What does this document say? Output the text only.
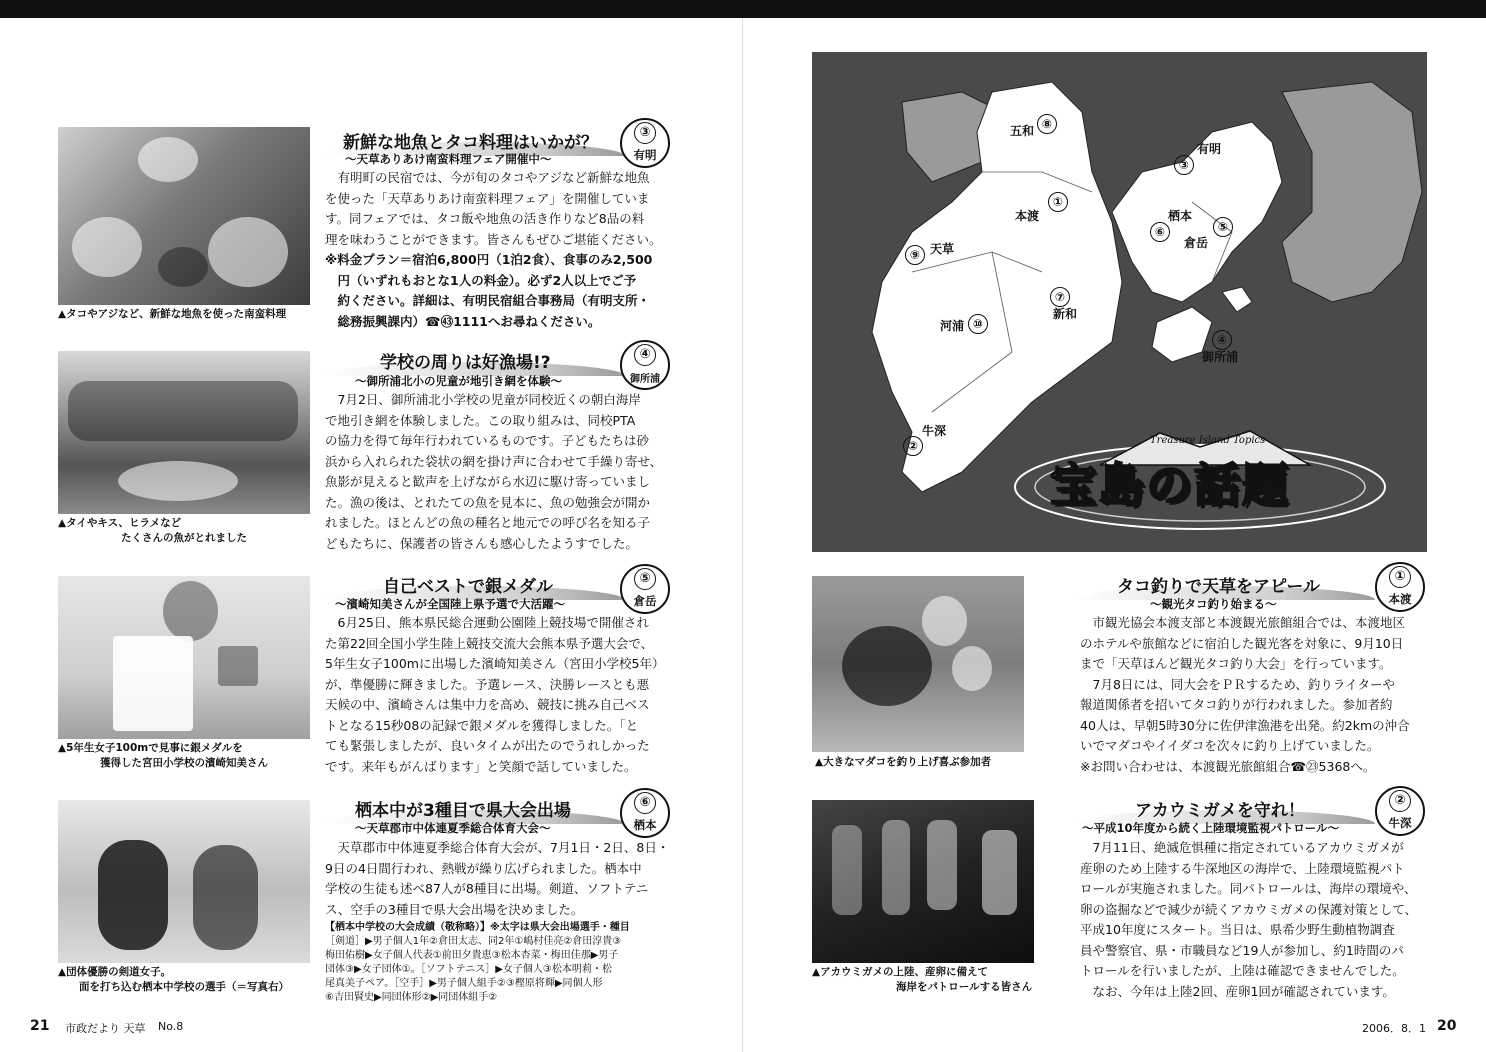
▲タコやアジなど、新鮮な地魚を使った南蛮料理
新鮮な地魚とタコ料理はいかが？
～天草ありあけ南蛮料理フェア開催中～
③
有明

有明町の民宿では、今が旬のタコやアジなど新鮮な地魚

を使った「天草ありあけ南蛮料理フェア」を開催していま

す。同フェアでは、タコ飯や地魚の活き作りなど8品の料

理を味わうことができます。皆さんもぜひご堪能ください。

※料金プラン＝宿泊6,800円（1泊2食）、食事のみ2,500

　円（いずれもおとな1人の料金）。必ず2人以上でご予

　約ください。詳細は、有明民宿組合事務局（有明支所・

　総務振興課内）☎㊸1111へお尋ねください。

▲タイやキス、ヒラメなど
　　　　　　たくさんの魚がとれました
学校の周りは好漁場!?
～御所浦北小の児童が地引き網を体験～
④
御所浦

7月2日、御所浦北小学校の児童が同校近くの朝白海岸

で地引き網を体験しました。この取り組みは、同校PTA

の協力を得て毎年行われているものです。子どもたちは砂

浜から入れられた袋状の網を掛け声に合わせて手繰り寄せ、

魚影が見えると歓声を上げながら水辺に駆け寄っていまし

た。漁の後は、とれたての魚を見本に、魚の勉強会が開か

れました。ほとんどの魚の種名と地元での呼び名を知る子

どもたちに、保護者の皆さんも感心したようすでした。

▲5年生女子100mで見事に銀メダルを
　　　　獲得した宮田小学校の濱崎知美さん
自己ベストで銀メダル
～濱崎知美さんが全国陸上県予選で大活躍～
⑤
倉岳

6月25日、熊本県民総合運動公園陸上競技場で開催され

た第22回全国小学生陸上競技交流大会熊本県予選大会で、

5年生女子100mに出場した濱崎知美さん（宮田小学校5年）

が、準優勝に輝きました。予選レース、決勝レースとも悪

天候の中、濱崎さんは集中力を高め、競技に挑み自己ベス

トとなる15秒08の記録で銀メダルを獲得しました。「と

ても緊張しましたが、良いタイムが出たのでうれしかった

です。来年もがんばります」と笑顔で話していました。

▲団体優勝の剣道女子。
　　面を打ち込む栖本中学校の選手（＝写真右）
栖本中が3種目で県大会出場
～天草郡市中体連夏季総合体育大会～
⑥
栖本

天草郡市中体連夏季総合体育大会が、7月1日・2日、8日・

9日の4日間行われ、熱戦が繰り広げられました。栖本中

学校の生徒も述べ87人が8種目に出場。剣道、ソフトテニ

ス、空手の3種目で県大会出場を決めました。

【栖本中学校の大会成績（敬称略）】※太字は県大会出場選手・種目

［剣道］▶男子個人1年②倉田太志、同2年①嶋村佳亮②倉田淳貴③

梅田佑樹▶女子個人代表①前田夕貴恵③松本杏菜・梅田佳那▶男子

団体③▶女子団体①。［ソフトテニス］▶女子個人③松本明莉・松

尾真美子ペア。［空手］▶男子個人組手②③樫原将輝▶同個人形

⑥吉田賢史▶同団体形②▶同団体組手②

五和 ⑧
①
本渡
③
有明
栖本
⑥
倉岳
⑤
⑨ 天草
⑦
新和
河浦 ⑩
④
御所浦
牛深
②	Treasure Island Topics
宝島の話題
▲大きなマダコを釣り上げ喜ぶ参加者
タコ釣りで天草をアピール
～観光タコ釣り始まる～
①
本渡

市観光協会本渡支部と本渡観光旅館組合では、本渡地区

のホテルや旅館などに宿泊した観光客を対象に、9月10日

まで「天草ほんど観光タコ釣り大会」を行っています。

　7月8日には、同大会をＰＲするため、釣りライターや

報道関係者を招いてタコ釣りが行われました。参加者約

40人は、早朝5時30分に佐伊津漁港を出発。約2kmの沖合

いでマダコやイイダコを次々に釣り上げていました。

※お問い合わせは、本渡観光旅館組合☎㉓5368へ。

▲アカウミガメの上陸、産卵に備えて
　　　　　　　　海岸をパトロールする皆さん
アカウミガメを守れ！
～平成10年度から続く上陸環境監視パトロール～
②
牛深

7月11日、絶滅危惧種に指定されているアカウミガメが

産卵のため上陸する牛深地区の海岸で、上陸環境監視パト

ロールが実施されました。同パトロールは、海岸の環境や、

卵の盗掘などで減少が続くアカウミガメの保護対策として、

平成10年度にスタート。当日は、県希少野生動植物調査

員や警察官、県・市職員など19人が参加し、約1時間のパ

トロールを行いましたが、上陸は確認できませんでした。

　なお、今年は上陸2回、産卵1回が確認されています。

21 市政だより 天草 No.8	2006．8．1 20
